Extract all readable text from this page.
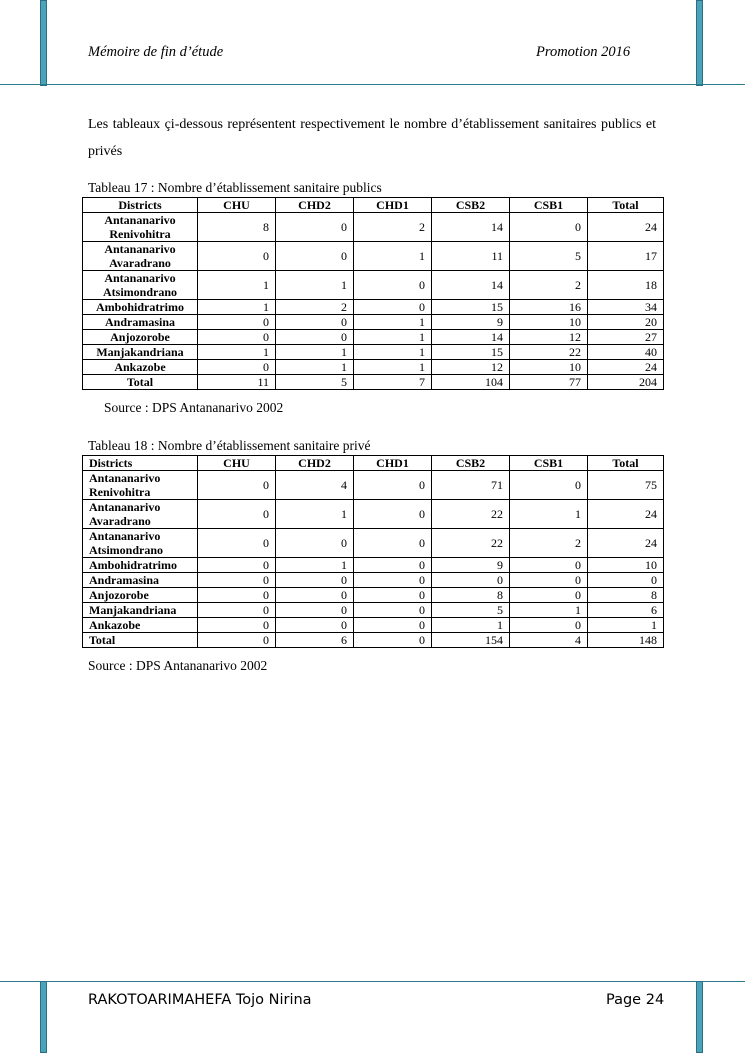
Mémoire de fin d’étude	Promotion 2016
Les tableaux çi-dessous représentent respectivement le nombre d’établissement sanitaires publics et privés
Tableau 17 : Nombre d’établissement sanitaire publics
Districts	CHU	CHD2	CHD1	CSB2	CSB1	Total

Antananarivo
Renivohitra	8	0	2	14	0	24

Antananarivo
Avaradrano	0	0	1	11	5	17

Antananarivo
Atsimondrano	1	1	0	14	2	18

Ambohidratrimo	1	2	0	15	16	34

Andramasina	0	0	1	9	10	20

Anjozorobe	0	0	1	14	12	27

Manjakandriana	1	1	1	15	22	40

Ankazobe	0	1	1	12	10	24

Total	11	5	7	104	77	204
Source : DPS Antananarivo 2002
Tableau 18 : Nombre d’établissement sanitaire privé
Districts	CHU	CHD2	CHD1	CSB2	CSB1	Total

Antananarivo
Renivohitra	0	4	0	71	0	75

Antananarivo
Avaradrano	0	1	0	22	1	24

Antananarivo
Atsimondrano	0	0	0	22	2	24

Ambohidratrimo	0	1	0	9	0	10

Andramasina	0	0	0	0	0	0

Anjozorobe	0	0	0	8	0	8

Manjakandriana	0	0	0	5	1	6

Ankazobe	0	0	0	1	0	1

Total	0	6	0	154	4	148
Source : DPS Antananarivo 2002
RAKOTOARIMAHEFA Tojo Nirina	Page 24
